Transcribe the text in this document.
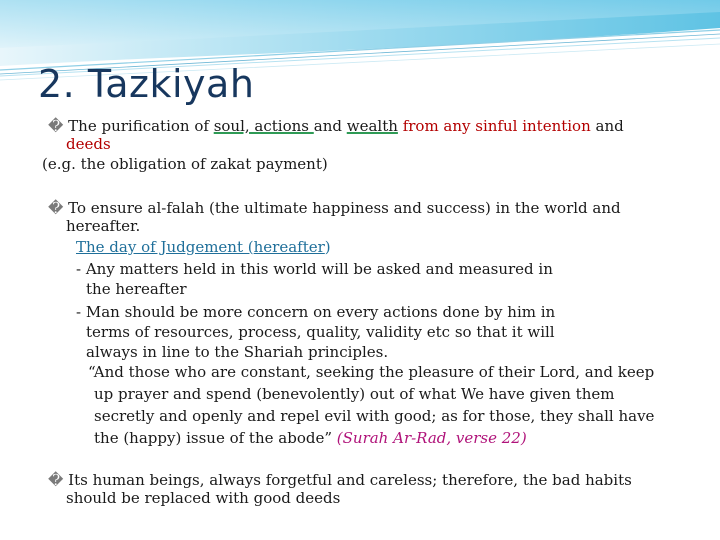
2. Tazkiyah
� The purification of soul, actions and wealth from any sinful intention and
deeds
(e.g. the obligation of zakat payment)
� To ensure al-falah (the ultimate happiness and success) in the world and
hereafter.
The day of Judgement (hereafter)
- Any matters held in this world will be asked and measured in
the hereafter
- Man should be more concern on every actions done by him in
terms of resources, process, quality, validity etc so that it will
always in line to the Shariah principles.
“And those who are constant, seeking the pleasure of their Lord, and keep
up prayer and spend (benevolently) out of what We have given them
secretly and openly and repel evil with good; as for those, they shall have
the (happy) issue of the abode” (Surah Ar-Rad, verse 22)
� Its human beings, always forgetful and careless; therefore, the bad habits
should be replaced with good deeds
